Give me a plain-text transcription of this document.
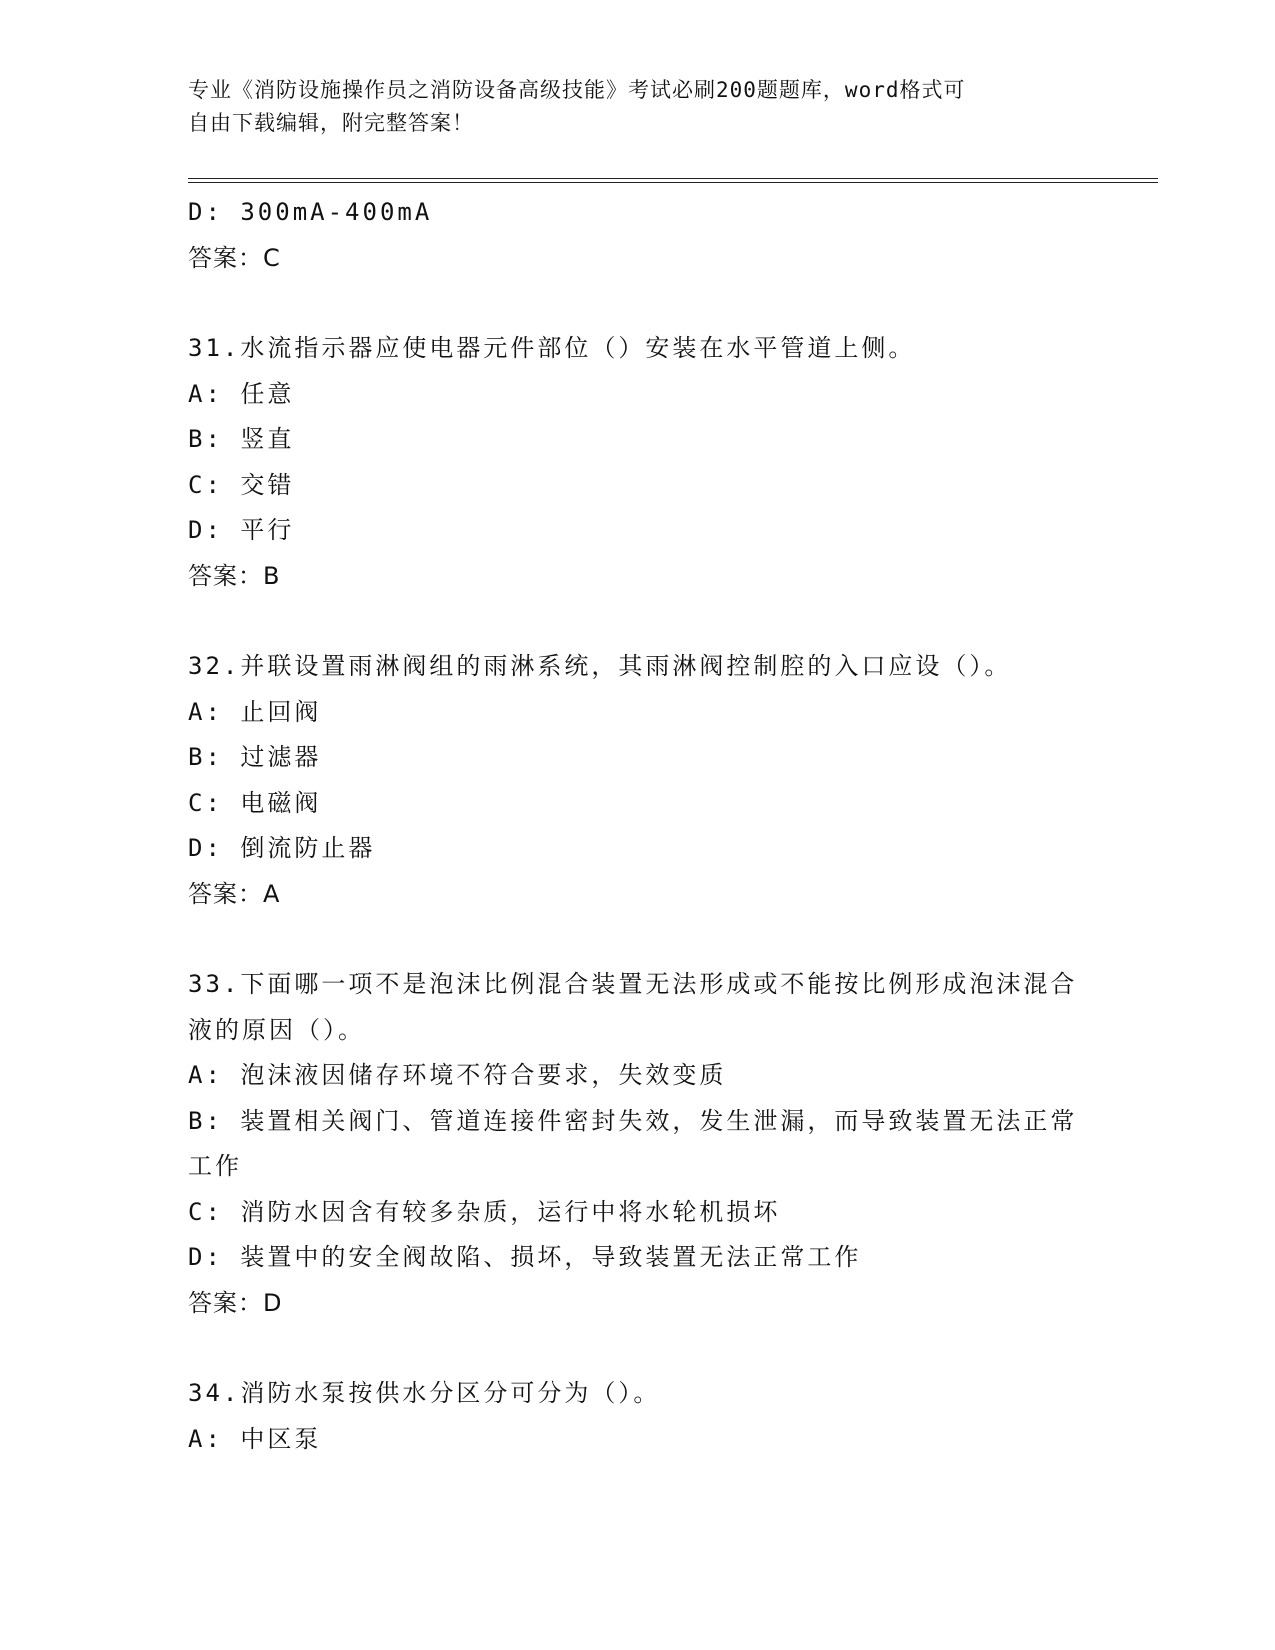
专业《消防设施操作员之消防设备高级技能》考试必刷200题题库，word格式可
自由下载编辑，附完整答案！
D: 300mA-400mA
答案：C
31.水流指示器应使电器元件部位（）安装在水平管道上侧。
A: 任意
B: 竖直
C: 交错
D: 平行
答案：B
32.并联设置雨淋阀组的雨淋系统，其雨淋阀控制腔的入口应设（）。
A: 止回阀
B: 过滤器
C: 电磁阀
D: 倒流防止器
答案：A
33.下面哪一项不是泡沫比例混合装置无法形成或不能按比例形成泡沫混合液的原因（）。
A: 泡沫液因储存环境不符合要求，失效变质
B: 装置相关阀门、管道连接件密封失效，发生泄漏，而导致装置无法正常工作
C: 消防水因含有较多杂质，运行中将水轮机损坏
D: 装置中的安全阀故陷、损坏，导致装置无法正常工作
答案：D
34.消防水泵按供水分区分可分为（）。
A: 中区泵
